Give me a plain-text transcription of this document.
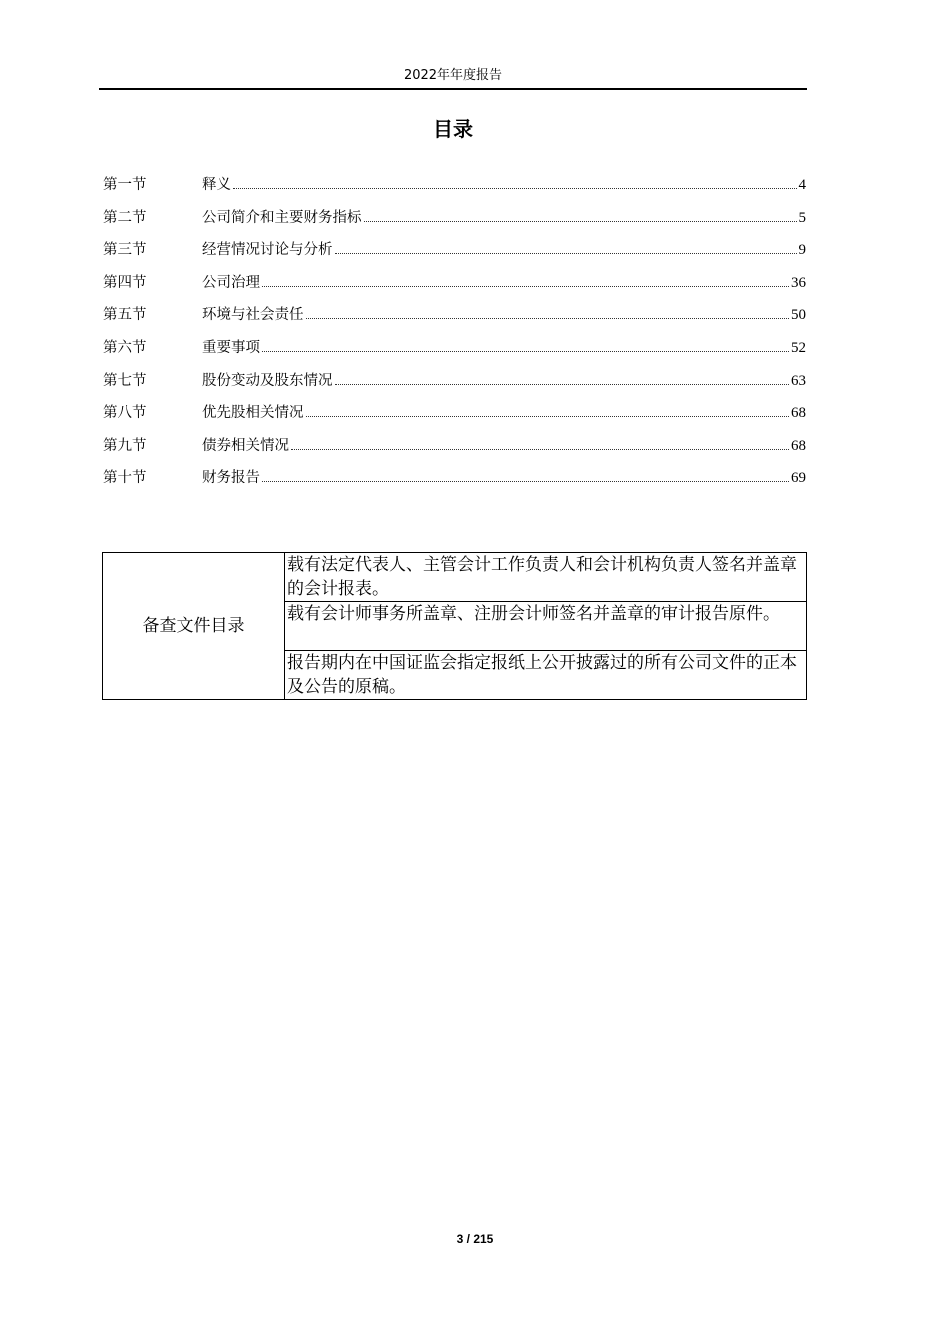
2022年年度报告
目录
第一节	释义	4
第二节	公司简介和主要财务指标	5
第三节	经营情况讨论与分析	9
第四节	公司治理	36
第五节	环境与社会责任	50
第六节	重要事项	52
第七节	股份变动及股东情况	63
第八节	优先股相关情况	68
第九节	债券相关情况	68
第十节	财务报告	69
备查文件目录	载有法定代表人、主管会计工作负责人和会计机构负责人签名并盖章的会计报表。
载有会计师事务所盖章、注册会计师签名并盖章的审计报告原件。
报告期内在中国证监会指定报纸上公开披露过的所有公司文件的正本及公告的原稿。
3 / 215
